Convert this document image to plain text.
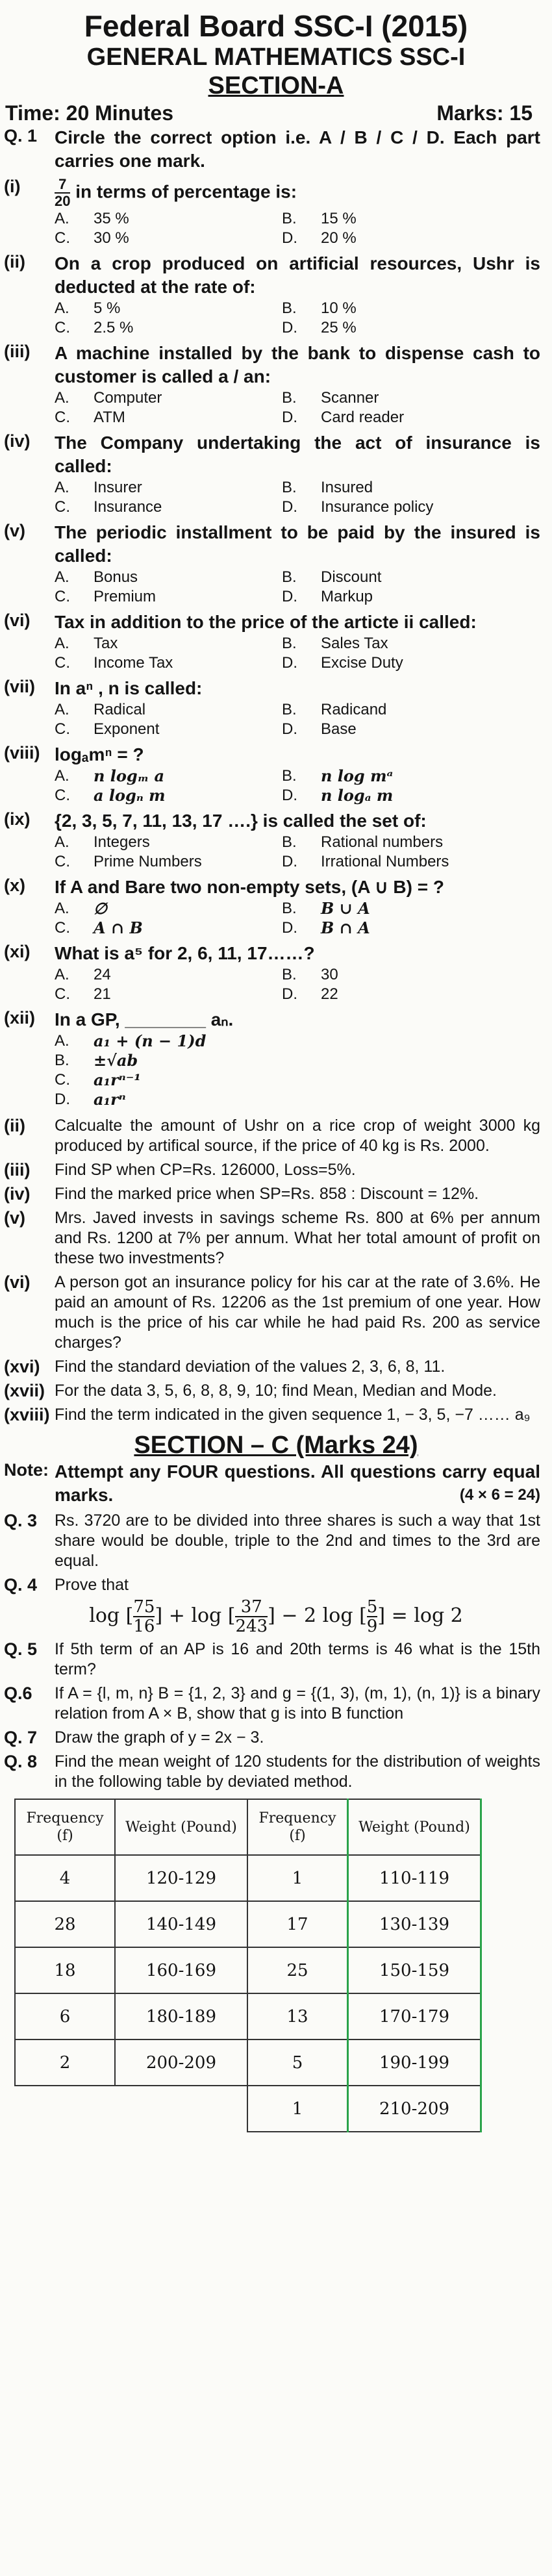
Federal Board SSC-I (2015)
GENERAL MATHEMATICS SSC-I
SECTION-A
Time: 20 Minutes	Marks: 15
Q. 1 Circle the correct option i.e. A / B / C / D. Each part carries one mark.
(i)	$\frac{7}{20}$ in terms of percentage is:
A.	35 %	B.	15 %
C.	30 %	D.	20 %
(ii)	On a crop produced on artificial resources, Ushr is deducted at the rate of:
A.	5 %	B.	10 %
C.	2.5 %	D.	25 %
(iii)	A machine installed by the bank to dispense cash to customer is called a / an:
A.	Computer	B.	Scanner
C.	ATM	D.	Card reader
(iv)	The Company undertaking the act of insurance is called:
A.	Insurer	B.	Insured
C.	Insurance	D.	Insurance policy
(v)	The periodic installment to be paid by the insured is called:
A.	Bonus	B.	Discount
C.	Premium	D.	Markup
(vi)	Tax in addition to the price of the articte ii called:
A.	Tax	B.	Sales Tax
C.	Income Tax	D.	Excise Duty
(vii)	In aⁿ , n is called:
A.	Radical	B.	Radicand
C.	Exponent	D.	Base
(viii) logₐmⁿ = ?
A.	n logₘ a	B.	n log mᵃ
C.	a logₙ m	D.	n logₐ m
(ix)	{2, 3, 5, 7, 11, 13, 17 ….} is called the set of:
A.	Integers	B.	Rational numbers
C.	Prime Numbers	D.	Irrational Numbers
(x)	If A and Bare two non-empty sets, (A ∪ B) = ?
A.	∅	B.	B ∪ A
C.	A ∩ B	D.	B ∩ A
(xi)	What is a⁵ for 2, 6, 11, 17……?
A.	24	B.	30
C.	21	D.	22
(xii)	In a GP, ________ aₙ.
A.	a₁ + (n − 1)d
B.	±√ab
C.	a₁rⁿ⁻¹
D.	a₁rⁿ
(ii)	Calcualte the amount of Ushr on a rice crop of weight 3000 kg produced by artifical source, if the price of 40 kg is Rs. 2000.
(iii)	Find SP when CP=Rs. 126000, Loss=5%.
(iv)	Find the marked price when SP=Rs. 858 : Discount = 12%.
(v)	Mrs. Javed invests in savings scheme Rs. 800 at 6% per annum and Rs. 1200 at 7% per annum. What her total amount of profit on these two investments?
(vi)	A person got an insurance policy for his car at the rate of 3.6%. He paid an amount of Rs. 12206 as the 1st premium of one year. How much is the price of his car while he had paid Rs. 200 as service charges?
(xvi) Find the standard deviation of the values 2, 3, 6, 8, 11.
(xvii) For the data 3, 5, 6, 8, 8, 9, 10; find Mean, Median and Mode.
(xviii) Find the term indicated in the given sequence 1, − 3, 5, −7 …… a₉
SECTION – C (Marks 24)
Note: Attempt any FOUR questions. All questions carry equal marks.	(4 × 6 = 24)
Q. 3	Rs. 3720 are to be divided into three shares is such a way that 1st share would be double, triple to the 2nd and times to the 3rd are equal.
Q. 4	Prove that
log [ $\frac{75}{16}$ ] + log [ $\frac{37}{243}$ ] − 2 log [ $\frac{5}{9}$ ] = log 2
Q. 5	If 5th term of an AP is 16 and 20th terms is 46 what is the 15th term?
Q.6	If A = {l, m, n} B = {1, 2, 3} and g = {(1, 3), (m, 1), (n, 1)} is a binary relation from A × B, show that g is into B function
Q. 7	Draw the graph of y = 2x − 3.
Q. 8	Find the mean weight of 120 students for the distribution of weights in the following table by deviated method.
Frequency (f)	Weight (Pound)	Frequency (f)	Weight (Pound)
4	120-129	1	110-119
28	140-149	17	130-139
18	160-169	25	150-159
6	180-189	13	170-179
2	200-209	5	190-199
		1	210-209
